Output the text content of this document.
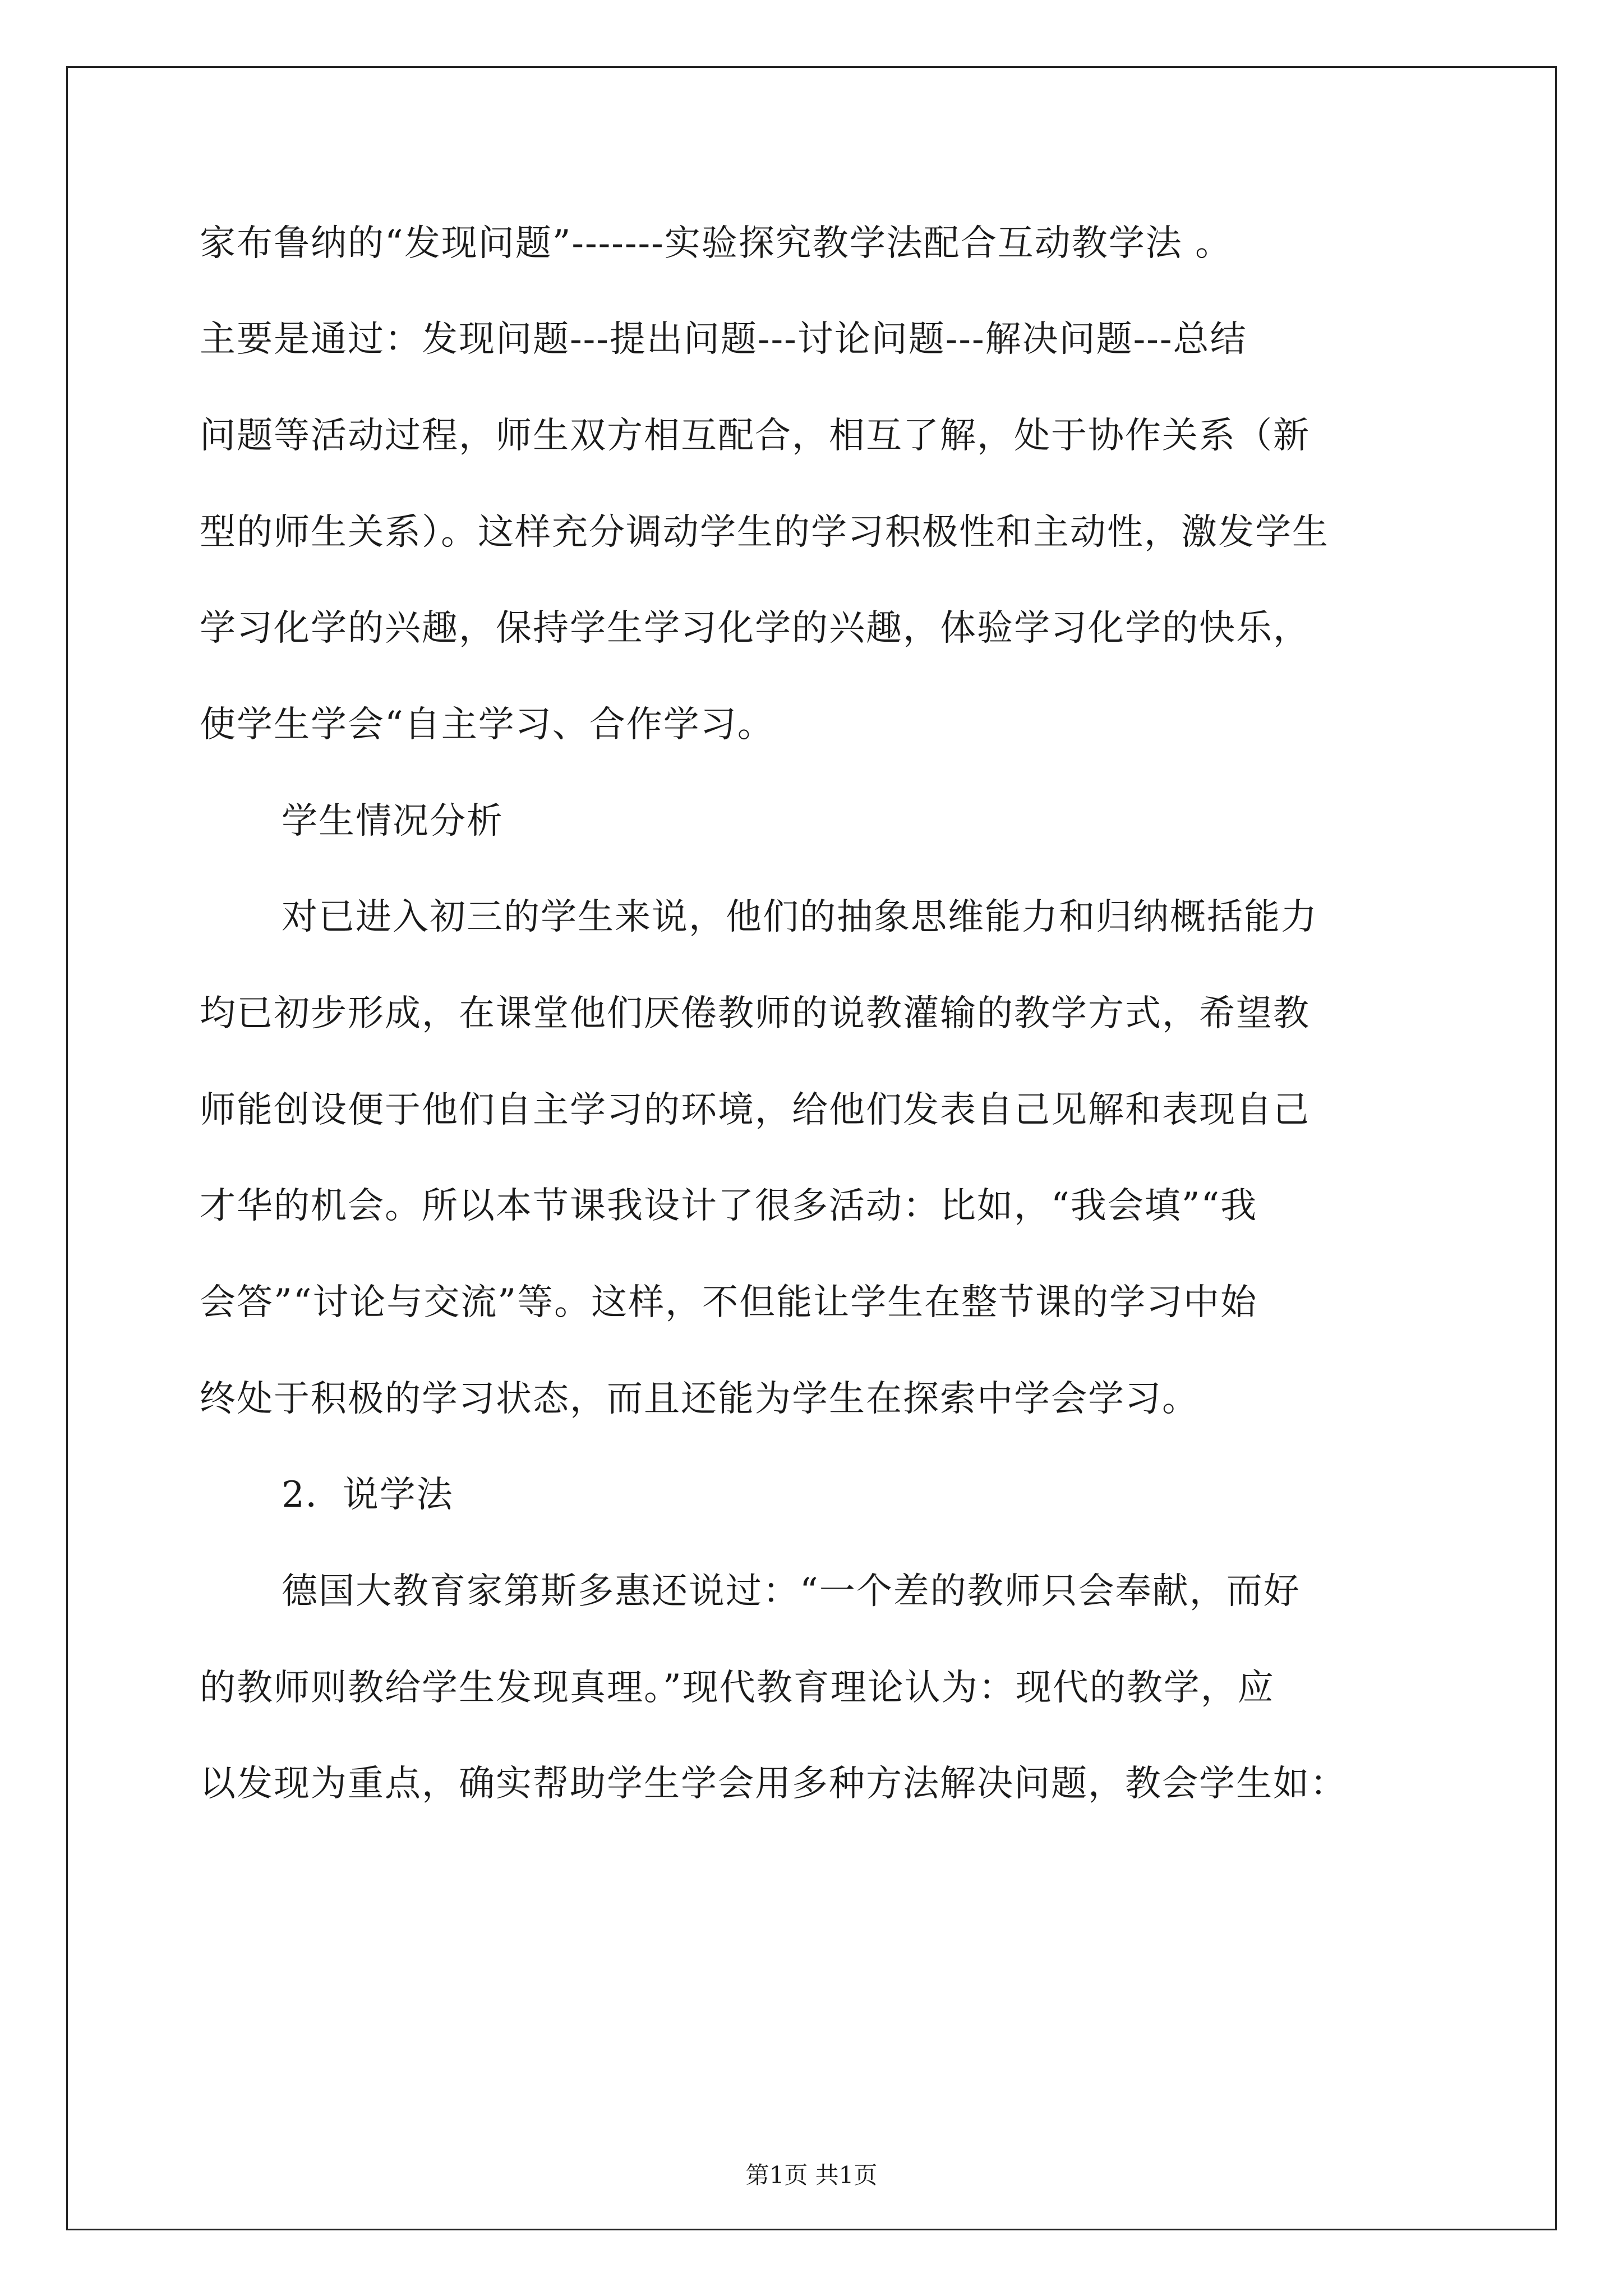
家布鲁纳的“发现问题”-------实验探究教学法配合互动教学法 。
主要是通过：发现问题---提出问题---讨论问题---解决问题---总结
问题等活动过程，师生双方相互配合，相互了解，处于协作关系（新
型的师生关系）。这样充分调动学生的学习积极性和主动性，激发学生
学习化学的兴趣，保持学生学习化学的兴趣，体验学习化学的快乐，
使学生学会“自主学习、合作学习。
学生情况分析
对已进入初三的学生来说，他们的抽象思维能力和归纳概括能力
均已初步形成，在课堂他们厌倦教师的说教灌输的教学方式，希望教
师能创设便于他们自主学习的环境，给他们发表自己见解和表现自己
才华的机会。所以本节课我设计了很多活动：比如，“我会填”“我
会答”“讨论与交流”等。这样，不但能让学生在整节课的学习中始
终处于积极的学习状态，而且还能为学生在探索中学会学习。
2．说学法
德国大教育家第斯多惠还说过：“一个差的教师只会奉献，而好
的教师则教给学生发现真理。”现代教育理论认为：现代的教学，应
以发现为重点，确实帮助学生学会用多种方法解决问题，教会学生如：
第1页 共1页
